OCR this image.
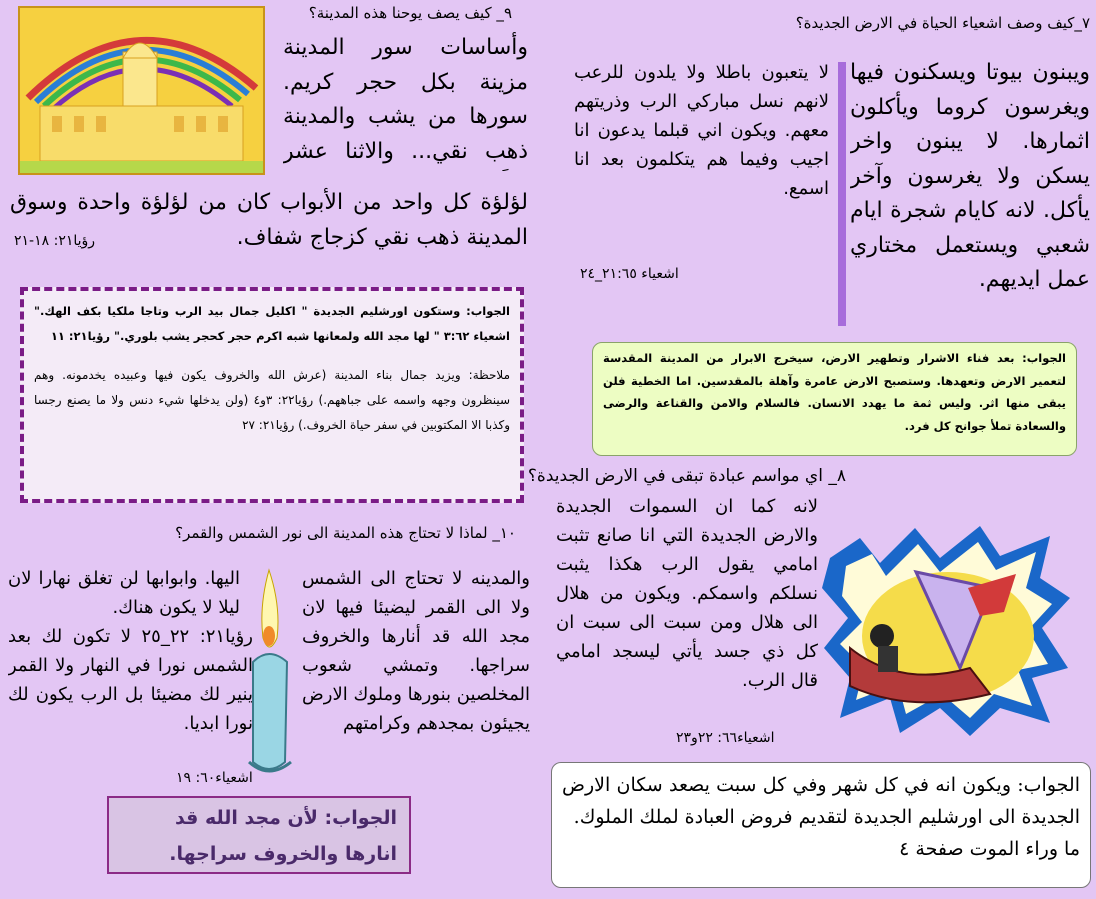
٩_ كيف يصف يوحنا هذه المدينة؟
وأساسات سور المدينة مزينة بكل حجر كريم. سورها من يشب والمدينة ذهب نقي... والاثنا عشر
لؤلؤة كل واحد من الأبواب كان من لؤلؤة واحدة وسوق المدينة ذهب نقي كزجاج شفاف.
رؤيا٢١: ١٨-٢١
الجواب: وستكون اورشليم الجديدة " اكليل جمال بيد الرب وتاجا ملكيا بكف الهك." اشعياء ٣:٦٢ " لها مجد الله ولمعانها شبه اكرم حجر كحجر يشب بلوري." رؤيا٢١: ١١
ملاحظة: ويزيد جمال بناء المدينة (عرش الله والخروف يكون فيها وعبيده يخدمونه. وهم سينظرون وجهه واسمه على جباههم.) رؤيا٢٢: ٣و٤ (ولن يدخلها شيء دنس ولا ما يصنع رجسا وكذبا الا المكتوبين في سفر حياة الخروف.) رؤيا٢١: ٢٧
٧_كيف وصف اشعياء الحياة في الارض الجديدة؟
ويبنون بيوتا ويسكنون فيها ويغرسون كروما ويأكلون اثمارها. لا يبنون واخر يسكن ولا يغرسون وآخر يأكل. لانه كايام شجرة ايام شعبي ويستعمل مختاري عمل ايديهم.
لا يتعبون باطلا ولا يلدون للرعب لانهم نسل مباركي الرب وذريتهم معهم. ويكون اني قبلما يدعون انا اجيب وفيما هم يتكلمون بعد انا اسمع.
اشعياء ٢١:٦٥_٢٤
الجواب: بعد فناء الاشرار وتطهير الارض، سيخرج الابرار من المدينة المقدسة لتعمير الارض وتعهدها. وستصبح الارض عامرة وآهلة بالمقدسين. اما الخطية فلن يبقى منها اثر. وليس ثمة ما يهدد الانسان. فالسلام والامن والقناعة والرضى والسعادة تملأ جوانح كل فرد.
٨_ اي مواسم عبادة تبقى في الارض الجديدة؟
لانه كما ان السموات الجديدة والارض الجديدة التي انا صانع تثبت امامي يقول الرب هكذا يثبت نسلكم واسمكم. ويكون من هلال الى هلال ومن سبت الى سبت ان كل ذي جسد يأتي ليسجد امامي قال الرب.
اشعياء٦٦: ٢٢و٢٣
الجواب: ويكون انه في كل شهر وفي كل سبت يصعد سكان الارض الجديدة الى اورشليم الجديدة لتقديم فروض العبادة لملك الملوك.
ما وراء الموت صفحة ٤
١٠_ لماذا لا تحتاج هذه المدينة الى نور الشمس والقمر؟
والمدينه لا تحتاج الى الشمس ولا الى القمر ليضيئا فيها لان مجد الله قد أنارها والخروف سراجها. وتمشي شعوب المخلصين بنورها وملوك الارض يجيئون بمجدهم وكرامتهم
اليها. وابوابها لن تغلق نهارا لان ليلا لا يكون هناك.
رؤيا٢١: ٢٢_٢٥ لا تكون لك بعد الشمس نورا في النهار ولا القمر ينير لك مضيئا بل الرب يكون لك نورا ابديا.
اشعياء٦٠: ١٩
الجواب: لأن مجد الله قد
انارها والخروف سراجها.
